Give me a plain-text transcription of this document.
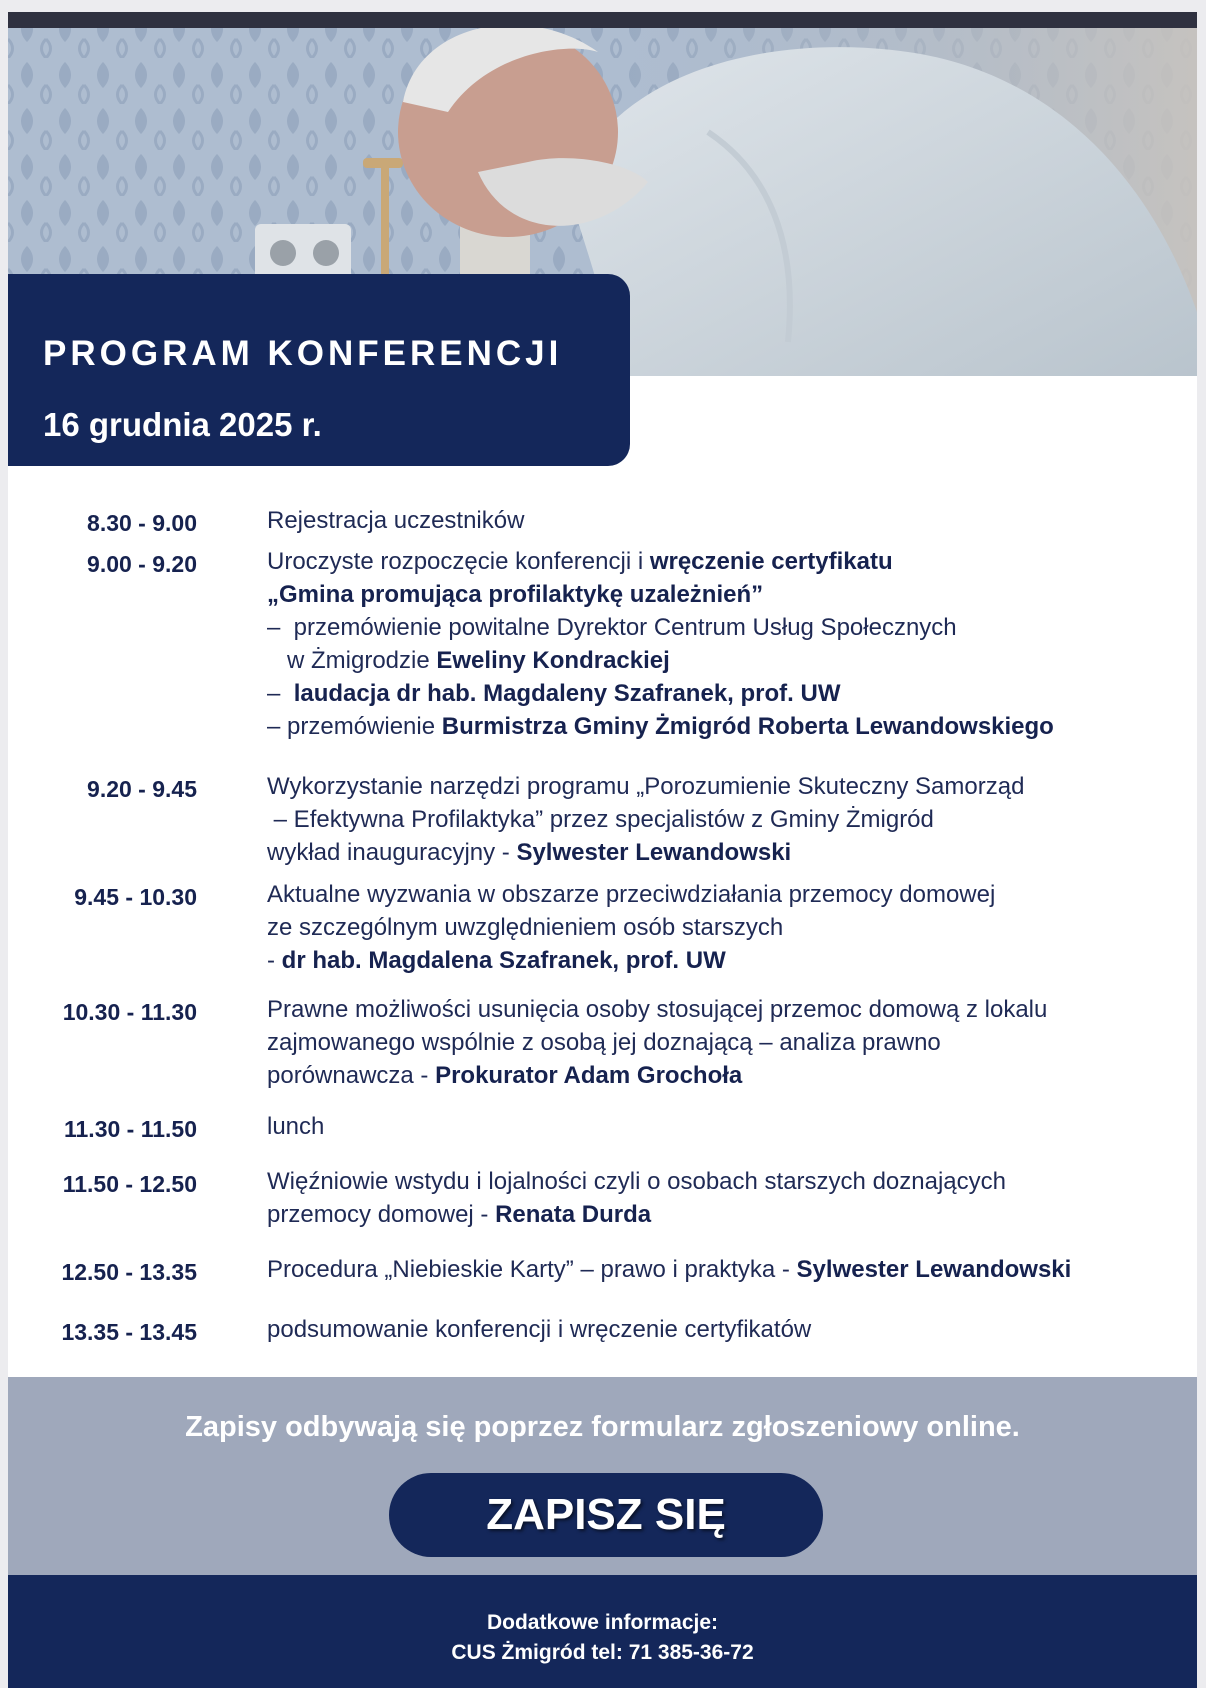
PROGRAM KONFERENCJI
16 grudnia 2025 r.
8.30 - 9.00	Rejestracja uczestników
9.00 - 9.20	Uroczyste rozpoczęcie konferencji i wręczenie certyfikatu
„Gmina promująca profilaktykę uzależnień”
–  przemówienie powitalne Dyrektor Centrum Usług Społecznych
w Żmigrodzie Eweliny Kondrackiej
–  laudacja dr hab. Magdaleny Szafranek, prof. UW
– przemówienie Burmistrza Gminy Żmigród Roberta Lewandowskiego
9.20 - 9.45	Wykorzystanie narzędzi programu „Porozumienie Skuteczny Samorząd
– Efektywna Profilaktyka” przez specjalistów z Gminy Żmigród
wykład inauguracyjny - Sylwester Lewandowski
9.45 - 10.30	Aktualne wyzwania w obszarze przeciwdziałania przemocy domowej
ze szczególnym uwzględnieniem osób starszych
- dr hab. Magdalena Szafranek, prof. UW
10.30 - 11.30	Prawne możliwości usunięcia osoby stosującej przemoc domową z lokalu
zajmowanego wspólnie z osobą jej doznającą – analiza prawno
porównawcza - Prokurator Adam Grochoła
11.30 - 11.50	lunch
11.50 - 12.50	Więźniowie wstydu i lojalności czyli o osobach starszych doznających
przemocy domowej - Renata Durda
12.50 - 13.35	Procedura „Niebieskie Karty” – prawo i praktyka - Sylwester Lewandowski
13.35 - 13.45	podsumowanie konferencji i wręczenie certyfikatów
Zapisy odbywają się poprzez formularz zgłoszeniowy online.
ZAPISZ SIĘ
Dodatkowe informacje:
CUS Żmigród tel: 71 385-36-72
